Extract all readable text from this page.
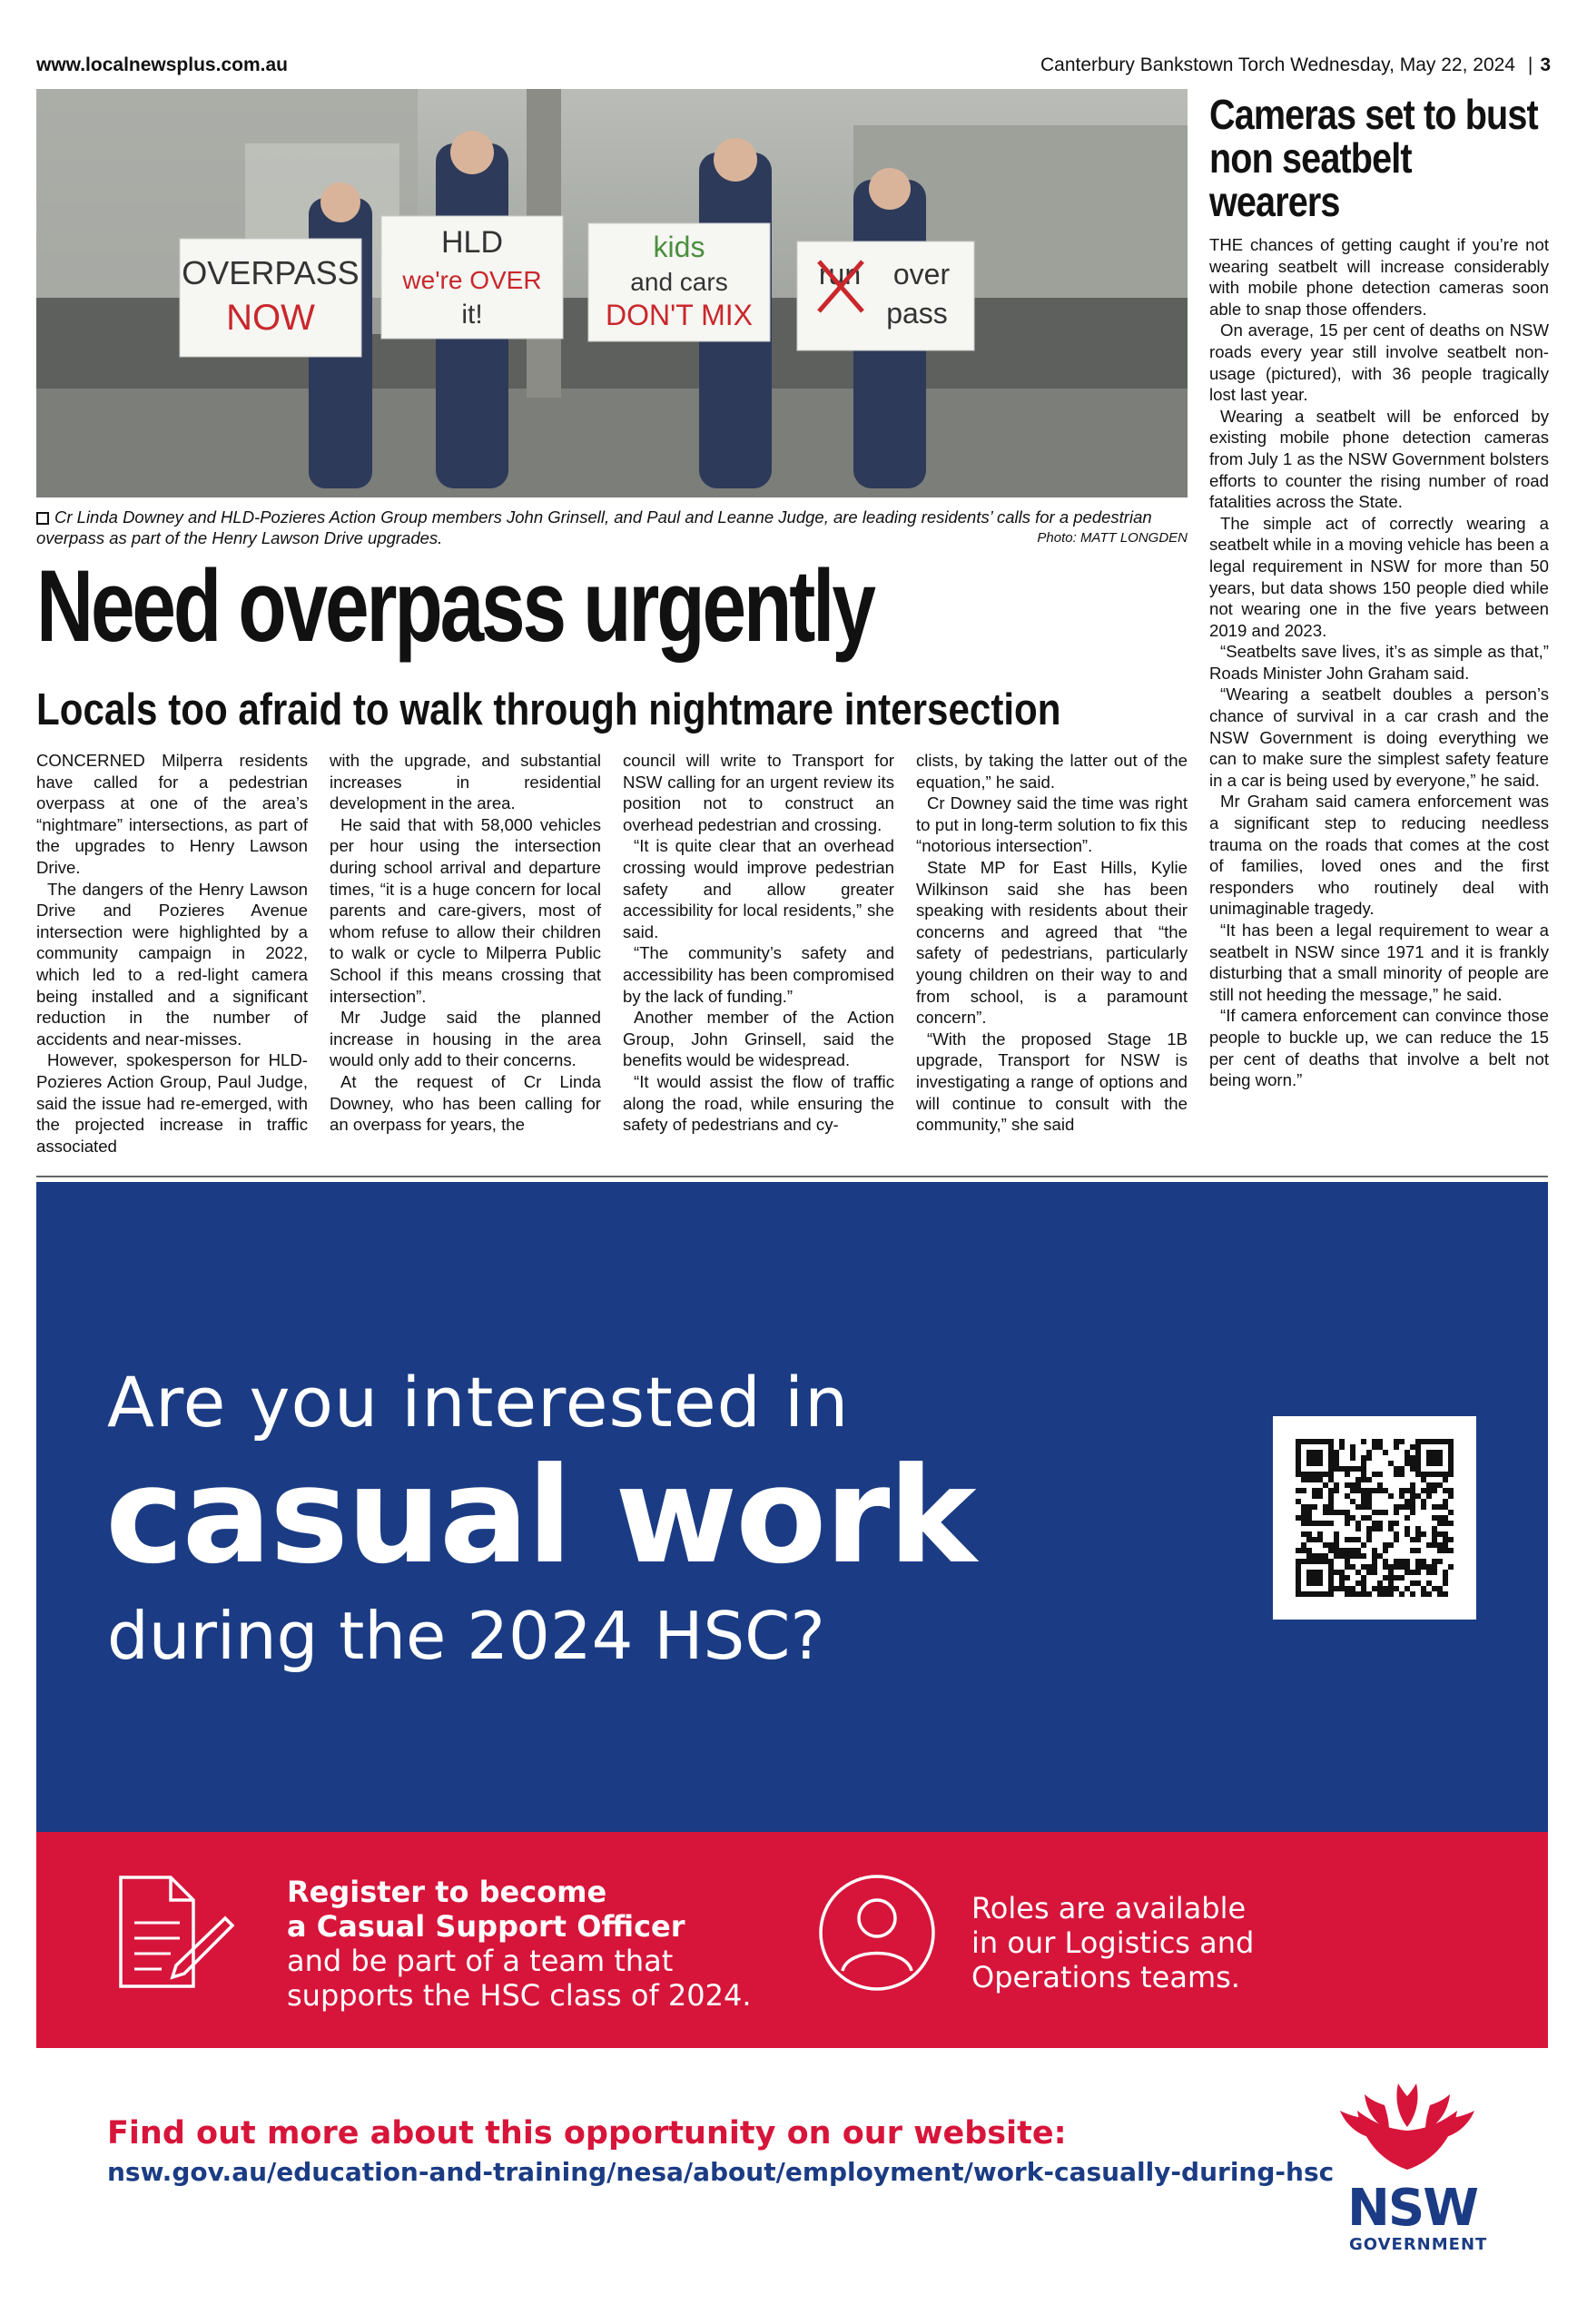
www.localnewsplus.com.au	Canterbury Bankstown Torch Wednesday, May 22, 2024 | 3
OVERPASS
NOW
HLD
we're OVER
it!
kids
and cars
DON'T MIX
run over
pass
Cr Linda Downey and HLD-Pozieres Action Group members John Grinsell, and Paul and Leanne Judge, are leading residents’ calls for a pedestrian overpass as part of the Henry Lawson Drive upgrades.	Photo: MATT LONGDEN
Need overpass urgently
Locals too afraid to walk through nightmare intersection

CONCERNED Milperra residents have called for a pedestrian overpass at one of the area’s “nightmare” intersections, as part of the upgrades to Henry Lawson Drive.

The dangers of the Henry Lawson Drive and Pozieres Avenue intersection were highlighted by a community campaign in 2022, which led to a red-light camera being installed and a significant reduction in the number of accidents and near-misses.

However, spokesperson for HLD-Pozieres Action Group, Paul Judge, said the issue had re-emerged, with the projected increase in traffic associated

with the upgrade, and substantial increases in residential development in the area.

He said that with 58,000 vehicles per hour using the intersection during school arrival and departure times, “it is a huge concern for local parents and care-givers, most of whom refuse to allow their children to walk or cycle to Milperra Public School if this means crossing that intersection”.

Mr Judge said the planned increase in housing in the area would only add to their concerns.

At the request of Cr Linda Downey, who has been calling for an overpass for years, the

council will write to Transport for NSW calling for an urgent review its position not to construct an overhead pedestrian and crossing.

“It is quite clear that an overhead crossing would improve pedestrian safety and allow greater accessibility for local residents,” she said.

“The community’s safety and accessibility has been compromised by the lack of funding.”

Another member of the Action Group, John Grinsell, said the benefits would be widespread.

“It would assist the flow of traffic along the road, while ensuring the safety of pedestrians and cy-

clists, by taking the latter out of the equation,” he said.

Cr Downey said the time was right to put in long-term solution to fix this “notorious intersection”.

State MP for East Hills, Kylie Wilkinson said she has been speaking with residents about their concerns and agreed that “the safety of pedestrians, particularly young children on their way to and from school, is a paramount concern”.

“With the proposed Stage 1B upgrade, Transport for NSW is investigating a range of options and will continue to consult with the community,” she said

Cameras set to bust non seatbelt wearers

THE chances of getting caught if you’re not wearing seatbelt will increase considerably with mobile phone detection cameras soon able to snap those offenders.

On average, 15 per cent of deaths on NSW roads every year still involve seatbelt non-usage (pictured), with 36 people tragically lost last year.

Wearing a seatbelt will be enforced by existing mobile phone detection cameras from July 1 as the NSW Government bolsters efforts to counter the rising number of road fatalities across the State.

The simple act of correctly wearing a seatbelt while in a moving vehicle has been a legal requirement in NSW for more than 50 years, but data shows 150 people died while not wearing one in the five years between 2019 and 2023.

“Seatbelts save lives, it’s as simple as that,” Roads Minister John Graham said.

“Wearing a seatbelt doubles a person’s chance of survival in a car crash and the NSW Government is doing everything we can to make sure the simplest safety feature in a car is being used by everyone,” he said.

Mr Graham said camera enforcement was a significant step to reducing needless trauma on the roads that comes at the cost of families, loved ones and the first responders who routinely deal with unimaginable tragedy.

“It has been a legal requirement to wear a seatbelt in NSW since 1971 and it is frankly disturbing that a small minority of people are still not heeding the message,” he said.

“If camera enforcement can convince those people to buckle up, we can reduce the 15 per cent of deaths that involve a belt not being worn.”

Are you interested in
casual work
during the 2024 HSC?
Register to become
a Casual Support Officer
and be part of a team that supports the HSC class of 2024.
Roles are available in our Logistics and Operations teams.
Find out more about this opportunity on our website:
nsw.gov.au/education-and-training/nesa/about/employment/work-casually-during-hsc
NSW
GOVERNMENT
